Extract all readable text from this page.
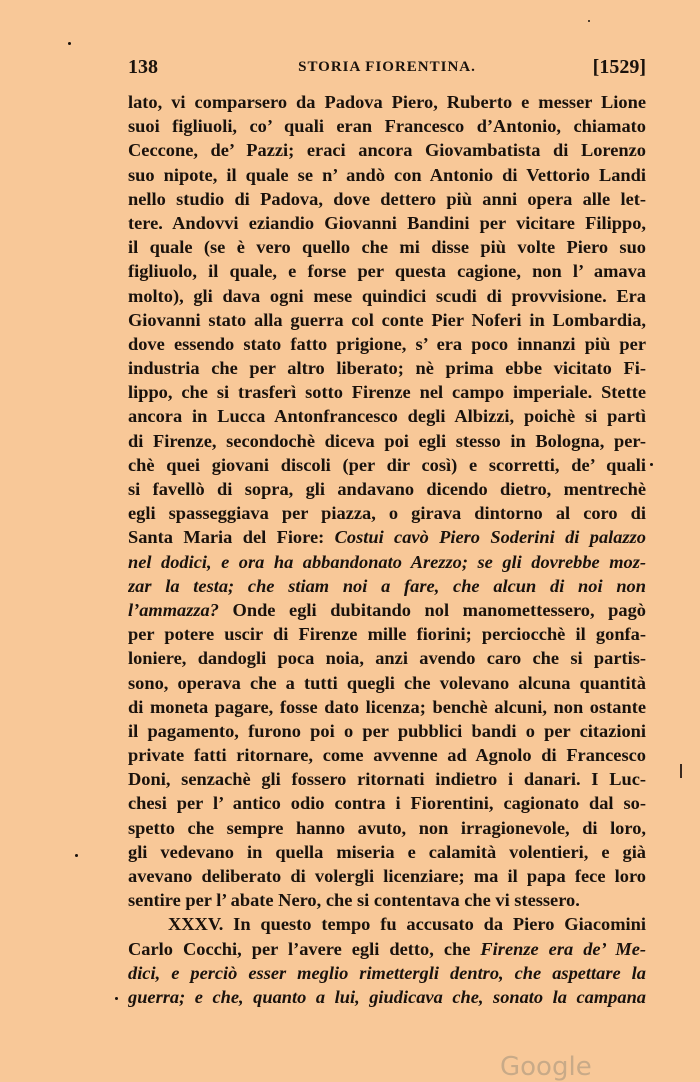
138	STORIA FIORENTINA.	[1529]
lato, vi comparsero da Padova Piero, Ruberto e messer Lione
suoi figliuoli, co’ quali eran Francesco d’Antonio, chiamato
Ceccone, de’ Pazzi; eraci ancora Giovambatista di Lorenzo
suo nipote, il quale se n’ andò con Antonio di Vettorio Landi
nello studio di Padova, dove dettero più anni opera alle let-
tere. Andovvi eziandio Giovanni Bandini per vicitare Filippo,
il quale (se è vero quello che mi disse più volte Piero suo
figliuolo, il quale, e forse per questa cagione, non l’ amava
molto), gli dava ogni mese quindici scudi di provvisione. Era
Giovanni stato alla guerra col conte Pier Noferi in Lombardia,
dove essendo stato fatto prigione, s’ era poco innanzi più per
industria che per altro liberato; nè prima ebbe vicitato Fi-
lippo, che si trasferì sotto Firenze nel campo imperiale. Stette
ancora in Lucca Antonfrancesco degli Albizzi, poichè si partì
di Firenze, secondochè diceva poi egli stesso in Bologna, per-
chè quei giovani discoli (per dir così) e scorretti, de’ quali
si favellò di sopra, gli andavano dicendo dietro, mentrechè
egli spasseggiava per piazza, o girava dintorno al coro di
Santa Maria del Fiore: Costui cavò Piero Soderini di palazzo
nel dodici, e ora ha abbandonato Arezzo; se gli dovrebbe moz-
zar la testa; che stiam noi a fare, che alcun di noi non
l’ammazza? Onde egli dubitando nol manomettessero, pagò
per potere uscir di Firenze mille fiorini; perciocchè il gonfa-
loniere, dandogli poca noia, anzi avendo caro che si partis-
sono, operava che a tutti quegli che volevano alcuna quantità
di moneta pagare, fosse dato licenza; benchè alcuni, non ostante
il pagamento, furono poi o per pubblici bandi o per citazioni
private fatti ritornare, come avvenne ad Agnolo di Francesco
Doni, senzachè gli fossero ritornati indietro i danari. I Luc-
chesi per l’ antico odio contra i Fiorentini, cagionato dal so-
spetto che sempre hanno avuto, non irragionevole, di loro,
gli vedevano in quella miseria e calamità volentieri, e già
avevano deliberato di volergli licenziare; ma il papa fece loro
sentire per l’ abate Nero, che si contentava che vi stessero.
XXXV. In questo tempo fu accusato da Piero Giacomini
Carlo Cocchi, per l’avere egli detto, che Firenze era de’ Me-
dici, e perciò esser meglio rimettergli dentro, che aspettare la
guerra; e che, quanto a lui, giudicava che, sonato la campana
Google
